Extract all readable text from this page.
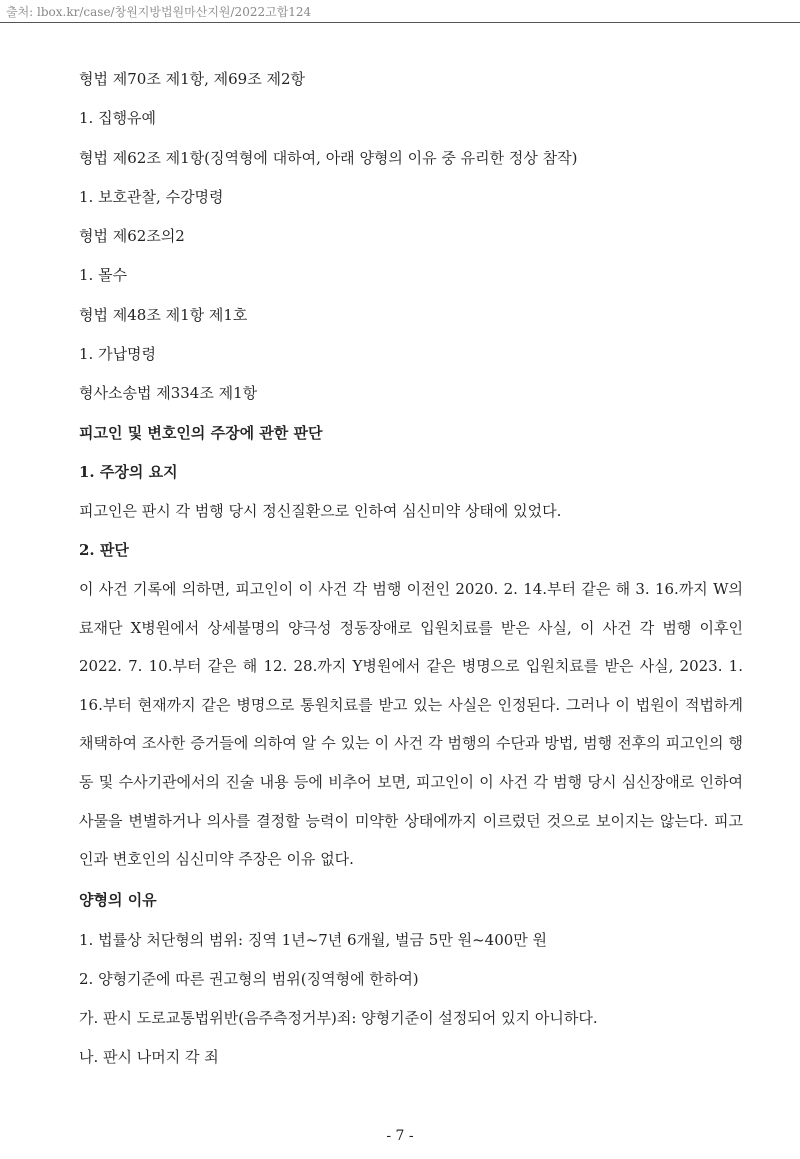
출처: lbox.kr/case/창원지방법원마산지원/2022고합124
형법 제70조 제1항, 제69조 제2항
1. 집행유예
형법 제62조 제1항(징역형에 대하여, 아래 양형의 이유 중 유리한 정상 참작)
1. 보호관찰, 수강명령
형법 제62조의2
1. 몰수
형법 제48조 제1항 제1호
1. 가납명령
형사소송법 제334조 제1항
피고인 및 변호인의 주장에 관한 판단
1. 주장의 요지
피고인은 판시 각 범행 당시 정신질환으로 인하여 심신미약 상태에 있었다.
2. 판단
이 사건 기록에 의하면, 피고인이 이 사건 각 범행 이전인 2020. 2. 14.부터 같은 해 3. 16.까지 W의료재단 X병원에서 상세불명의 양극성 정동장애로 입원치료를 받은 사실, 이 사건 각 범행 이후인 2022. 7. 10.부터 같은 해 12. 28.까지 Y병원에서 같은 병명으로 입원치료를 받은 사실, 2023. 1. 16.부터 현재까지 같은 병명으로 통원치료를 받고 있는 사실은 인정된다. 그러나 이 법원이 적법하게 채택하여 조사한 증거들에 의하여 알 수 있는 이 사건 각 범행의 수단과 방법, 범행 전후의 피고인의 행동 및 수사기관에서의 진술 내용 등에 비추어 보면, 피고인이 이 사건 각 범행 당시 심신장애로 인하여 사물을 변별하거나 의사를 결정할 능력이 미약한 상태에까지 이르렀던 것으로 보이지는 않는다. 피고인과 변호인의 심신미약 주장은 이유 없다.
양형의 이유
1. 법률상 처단형의 범위: 징역 1년~7년 6개월, 벌금 5만 원~400만 원
2. 양형기준에 따른 권고형의 범위(징역형에 한하여)
가. 판시 도로교통법위반(음주측정거부)죄: 양형기준이 설정되어 있지 아니하다.
나. 판시 나머지 각 죄
- 7 -
